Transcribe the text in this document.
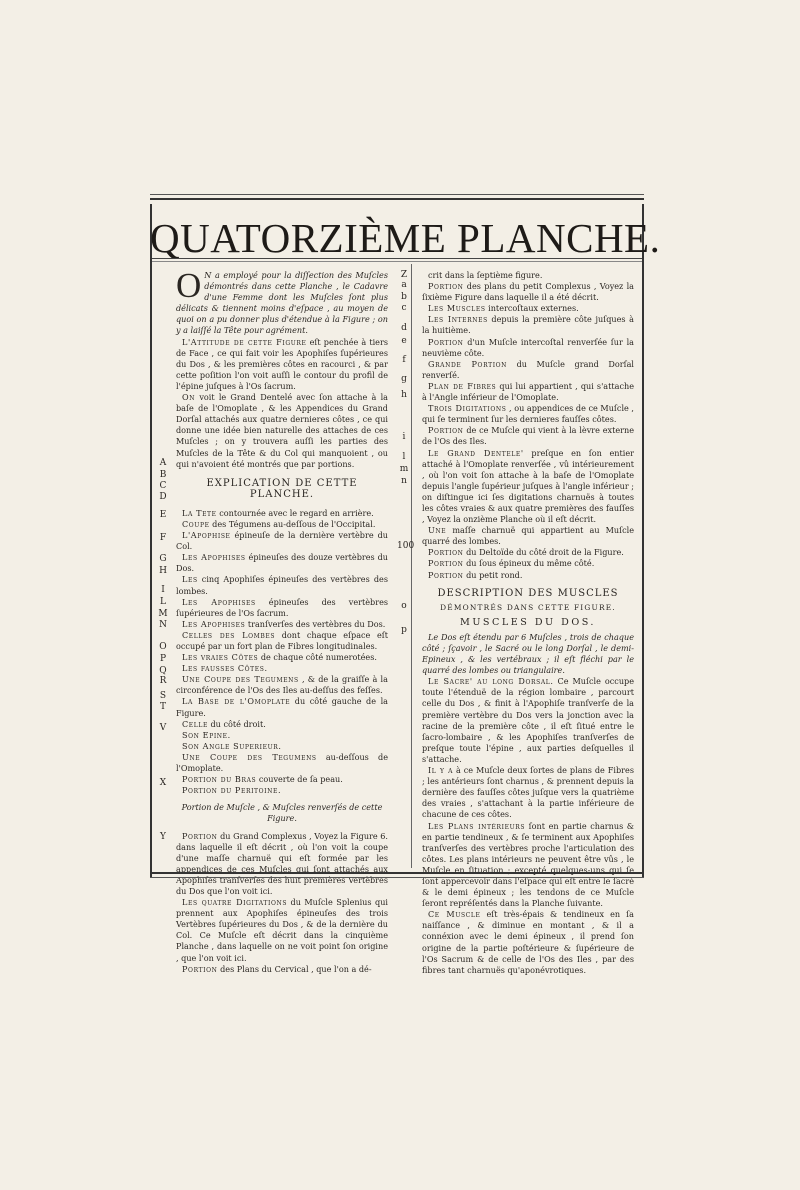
QUATORZIÈME PLANCHE.
A
B
C
D
E
F
G
H
I
L
M
N
O
P
Q
R
S
T
V
X
Y
Z
a
b
c
d
e
f
g
h
i
l
m
n
100
o
p

O N a employé pour la diſſection des Muſcles démontrés dans cette Planche , le Cadavre d'une Femme dont les Muſcles ſont plus délicats & tiennent moins d'eſpace , au moyen de quoi on a pu donner plus d'étendue à la Figure ; on y a laiſſé la Tête pour agrément.

L'Attitude de cette Figure eſt penchée à tiers de Face , ce qui fait voir les Apophiſes ſupérieures du Dos , & les premières côtes en racourci , & par cette poſition l'on voit auſſi le contour du profil de l'épine juſques à l'Os ſacrum.

On voit le Grand Dentelé avec ſon attache à la baſe de l'Omoplate , & les Appendices du Grand Dorſal attachés aux quatre dernieres côtes , ce qui donne une idée bien naturelle des attaches de ces Muſcles ; on y trouvera auſſi les parties des Muſcles de la Tête & du Col qui manquoient , ou qui n'avoient été montrés que par portions.

EXPLICATION DE CETTE PLANCHE.

La Tete contournée avec le regard en arrière.

Coupe des Tégumens au-deſſous de l'Occipital.

L'Apophise épineuſe de la dernière vertèbre du Col.

Les Apophises épineuſes des douze vertèbres du Dos.

Les cinq Apophiſes épineuſes des vertèbres des lombes.

Les Apophises épineuſes des vertèbres ſupérieures de l'Os ſacrum.

Les Apophises tranſverſes des vertèbres du Dos.

Celles des Lombes dont chaque eſpace eſt occupé par un fort plan de Fibres longitudinales.

Les vraies Côtes de chaque côté numerotées.

Les fausses Côtes.

Une Coupe des Tegumens , & de la graiſſe à la circonférence de l'Os des Iles au-deſſus des feſſes.

La Base de l'Omoplate du côté gauche de la Figure.

Celle du côté droit.

Son Epine.

Son Angle Superieur.

Une Coupe des Tegumens au-deſſous de l'Omoplate.

Portion du Bras couverte de ſa peau.

Portion du Peritoine.

Portion de Muſcle , & Muſcles renverſés de cette Figure.

Portion du Grand Complexus , Voyez la Figure 6. dans laquelle il eſt décrit , où l'on voit la coupe d'une maſſe charnuë qui eſt formée par les appendices de ces Muſcles qui ſont attachés aux Apophiſes tranſverſes des huit premières Vertèbres du Dos que l'on voit ici.

Les quatre Digitations du Muſcle Splenius qui prennent aux Apophiſes épineuſes des trois Vertèbres ſupérieures du Dos , & de la dernière du Col. Ce Muſcle eſt décrit dans la cinquième Planche , dans laquelle on ne voit point ſon origine , que l'on voit ici.

Portion des Plans du Cervical , que l'on a dé-

crit dans la ſeptième figure.

Portion des plans du petit Complexus , Voyez la ſixième Figure dans laquelle il a été décrit.

Les Muscles intercoſtaux externes.

Les Internes depuis la première côte juſques à la huitième.

Portion d'un Muſcle intercoſtal renverſée ſur la neuvième côte.

Grande Portion du Muſcle grand Dorſal renverſé.

Plan de Fibres qui lui appartient , qui s'attache à l'Angle inférieur de l'Omoplate.

Trois Digitations , ou appendices de ce Muſcle , qui ſe terminent ſur les dernieres fauſſes côtes.

Portion de ce Muſcle qui vient à la lèvre externe de l'Os des Iles.

Le Grand Dentele' preſque en ſon entier attaché à l'Omoplate renverſée , vû intérieurement , où l'on voit ſon attache à la baſe de l'Omoplate depuis l'angle ſupérieur juſques à l'angle inférieur ; on diſtingue ici ſes digitations charnuës à toutes les côtes vraies & aux quatre premières des fauſſes , Voyez la onzième Planche où il eſt décrit.

Une maſſe charnuë qui appartient au Muſcle quarré des lombes.

Portion du Deltoïde du côté droit de la Figure.

Portion du ſous épineux du même côté.

Portion du petit rond.

DESCRIPTION DES MUSCLES
DÉMONTRÉS DANS CETTE FIGURE.
MUSCLES DU DOS.

Le Dos eſt étendu par 6 Muſcles , trois de chaque côté ; ſçavoir , le Sacré ou le long Dorſal , le demi-Epineux , & les vertébraux ; il eſt fléchi par le quarré des lombes ou triangulaire.

Le Sacre' au long Dorsal. Ce Muſcle occupe toute l'étenduë de la région lombaire , parcourt celle du Dos , & finit à l'Apophiſe tranſverſe de la première vertèbre du Dos vers la jonction avec la racine de la première côte , il eſt ſitué entre le ſacro-lombaire , & les Apophiſes tranſverſes de preſque toute l'épine , aux parties deſquelles il s'attache.

Il y a à ce Muſcle deux ſortes de plans de Fibres ; les antérieurs ſont charnus , & prennent depuis la dernière des fauſſes côtes juſque vers la quatrième des vraies , s'attachant à la partie inférieure de chacune de ces côtes.

Les Plans intérieurs ſont en partie charnus & en partie tendineux , & ſe terminent aux Apophiſes tranſverſes des vertèbres proche l'articulation des côtes. Les plans intérieurs ne peuvent être vûs , le Muſcle en ſituation ; excepté quelques-uns qui ſe ſont appercevoir dans l'eſpace qui eſt entre le ſacré & le demi épineux ; les tendons de ce Muſcle ſeront repréſentés dans la Planche ſuivante.

Ce Muſcle eſt très-épais & tendineux en ſa naiſſance , & diminue en montant , & il a connéxion avec le demi épineux , il prend ſon origine de la partie poſtérieure & ſupérieure de l'Os Sacrum & de celle de l'Os des Iles , par des fibres tant charnuës qu'aponévrotiques.
